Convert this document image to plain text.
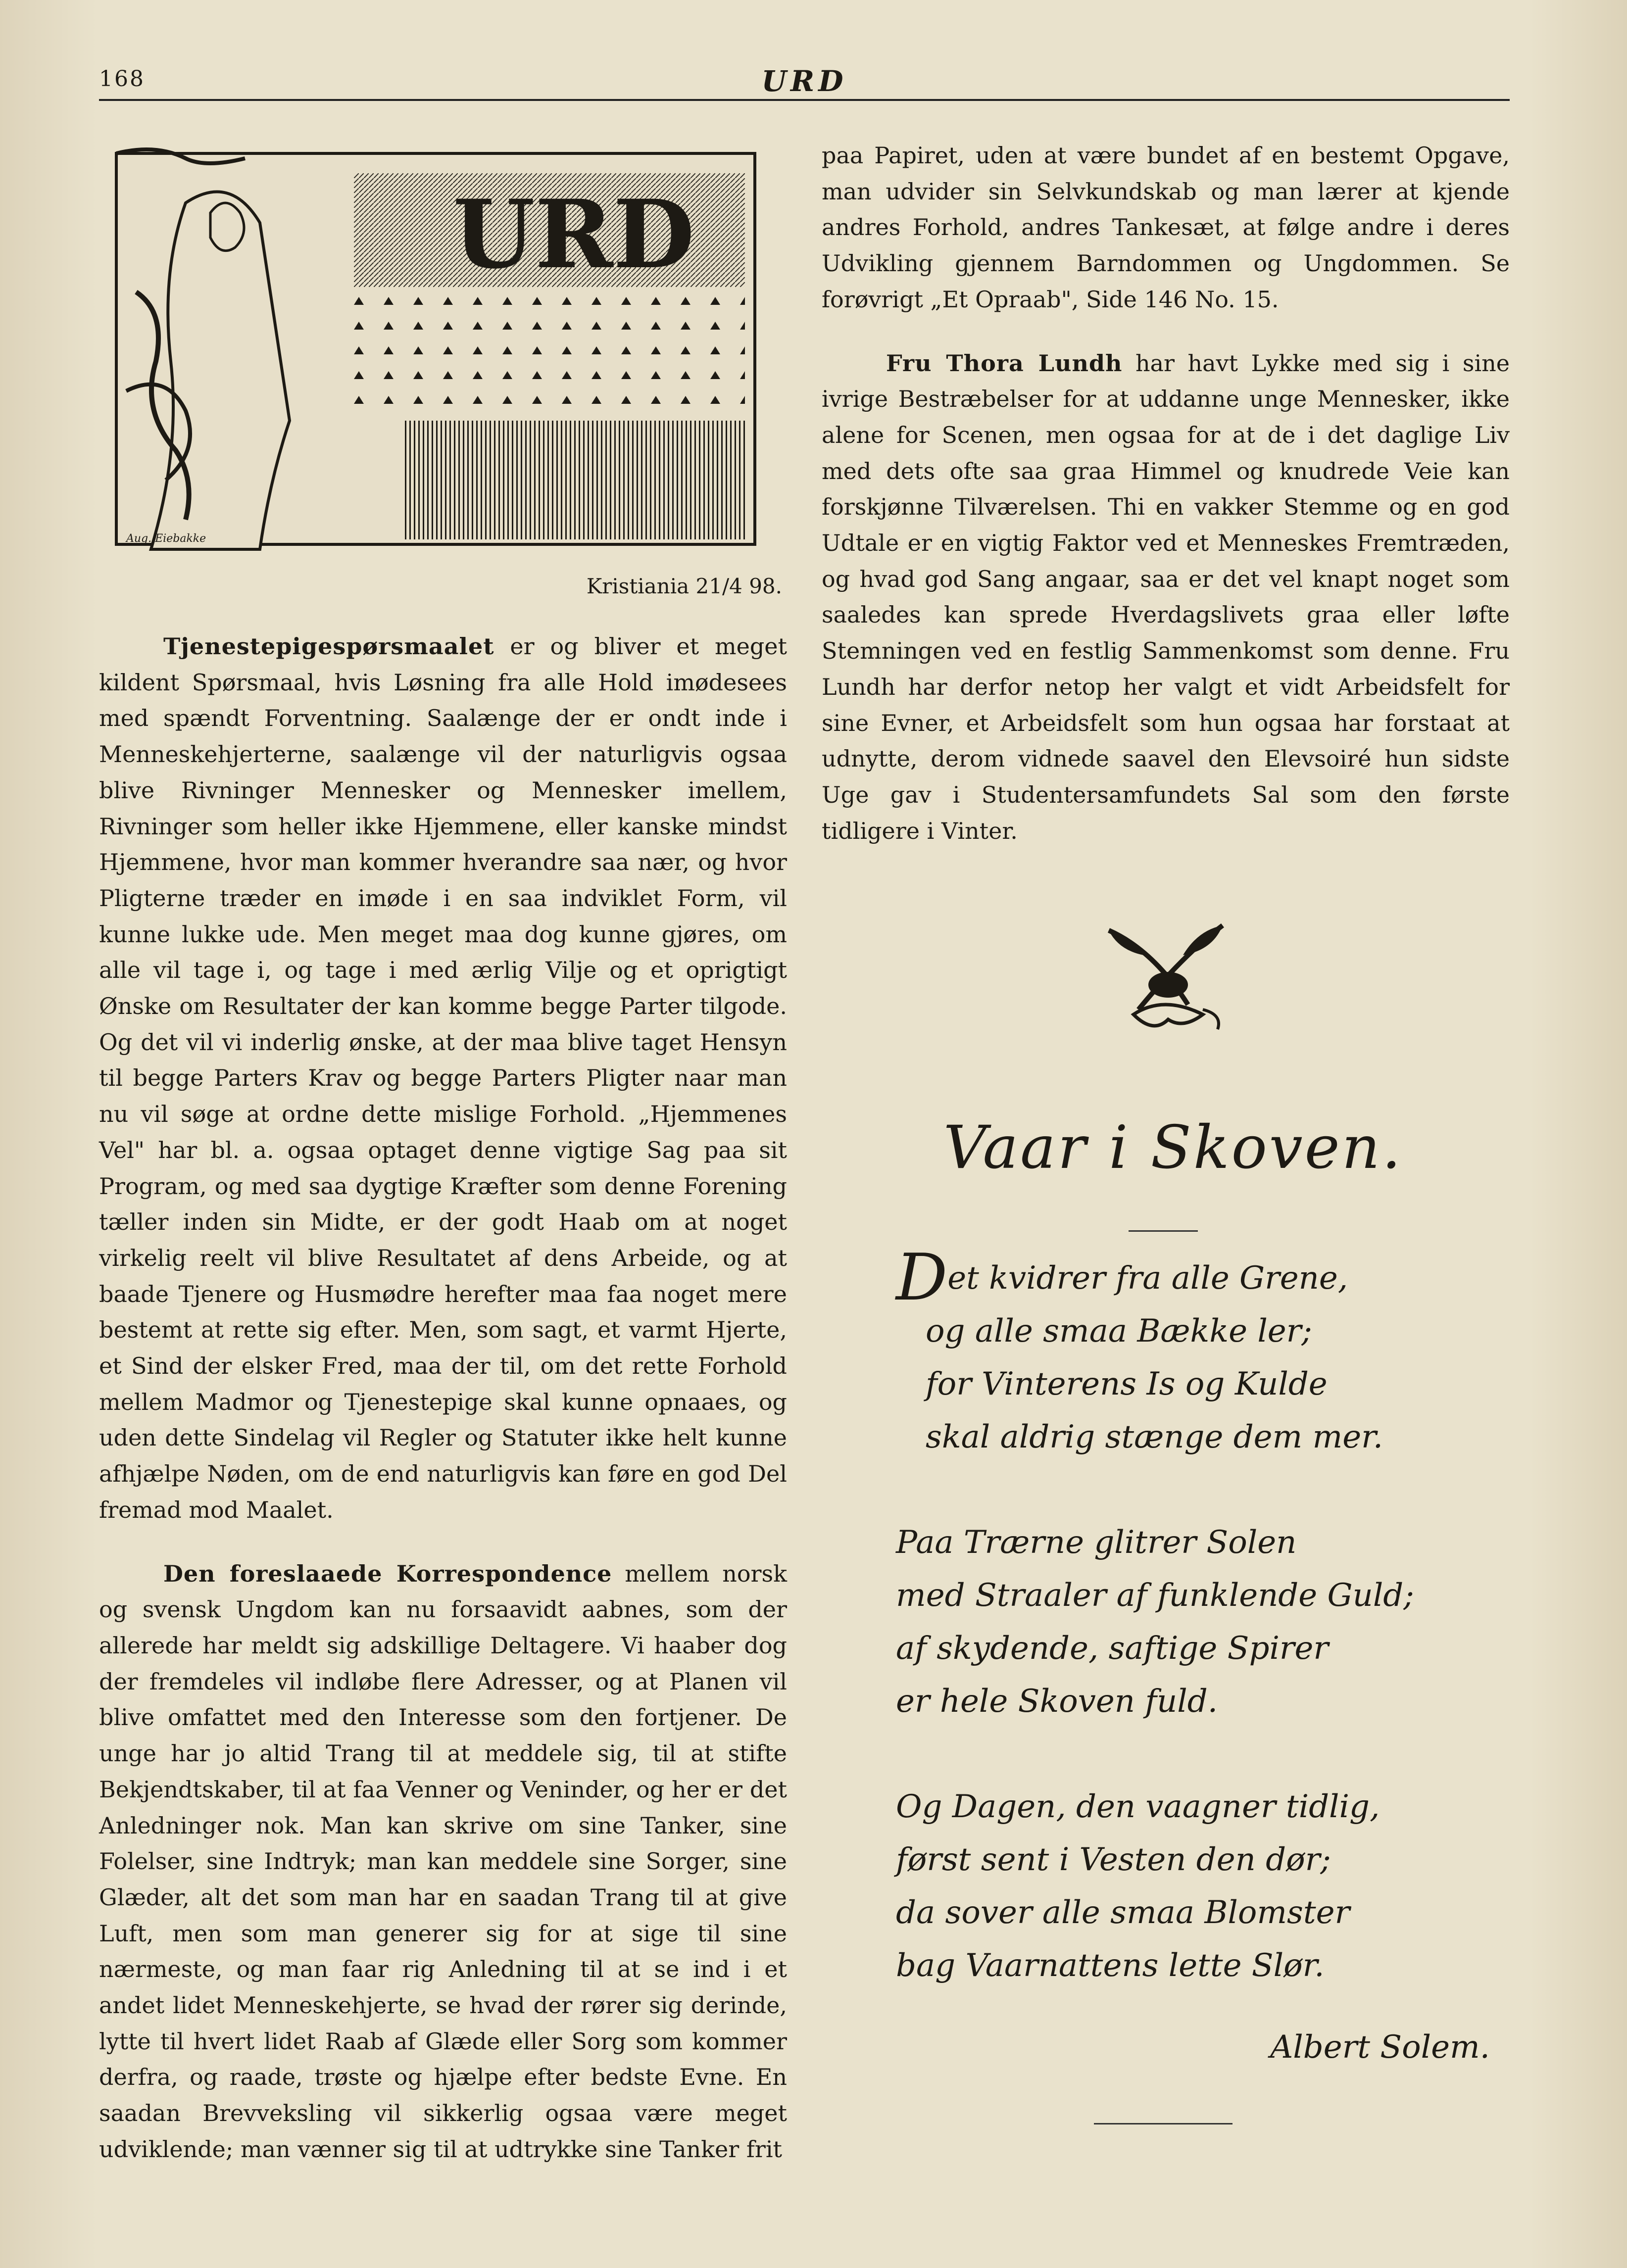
168	URD
URD
Aug. Eiebakke
Kristiania 21/4 98.

Tjenestepigespørsmaalet er og bliver et meget kildent Spørsmaal, hvis Løsning fra alle Hold imødesees med spændt Forventning. Saalænge der er ondt inde i Menneskehjerterne, saalænge vil der naturligvis ogsaa blive Rivninger Mennesker og Mennesker imellem, Rivninger som heller ikke Hjemmene, eller kanske mindst Hjemmene, hvor man kommer hverandre saa nær, og hvor Pligterne træder en imøde i en saa indviklet Form, vil kunne lukke ude. Men meget maa dog kunne gjøres, om alle vil tage i, og tage i med ærlig Vilje og et oprigtigt Ønske om Resultater der kan komme begge Parter tilgode. Og det vil vi inderlig ønske, at der maa blive taget Hensyn til begge Parters Krav og begge Parters Pligter naar man nu vil søge at ordne dette mislige Forhold. „Hjemmenes Vel" har bl. a. ogsaa optaget denne vigtige Sag paa sit Program, og med saa dygtige Kræfter som denne Forening tæller inden sin Midte, er der godt Haab om at noget virkelig reelt vil blive Resultatet af dens Arbeide, og at baade Tjenere og Husmødre herefter maa faa noget mere bestemt at rette sig efter. Men, som sagt, et varmt Hjerte, et Sind der elsker Fred, maa der til, om det rette Forhold mellem Madmor og Tjenestepige skal kunne opnaaes, og uden dette Sindelag vil Regler og Statuter ikke helt kunne afhjælpe Nøden, om de end naturligvis kan føre en god Del fremad mod Maalet.

Den foreslaaede Korrespondence mellem norsk og svensk Ungdom kan nu forsaavidt aabnes, som der allerede har meldt sig adskillige Deltagere. Vi haaber dog der fremdeles vil indløbe flere Adresser, og at Planen vil blive omfattet med den Interesse som den fortjener. De unge har jo altid Trang til at meddele sig, til at stifte Bekjendtskaber, til at faa Venner og Veninder, og her er det Anledninger nok. Man kan skrive om sine Tanker, sine Folelser, sine Indtryk; man kan meddele sine Sorger, sine Glæder, alt det som man har en saadan Trang til at give Luft, men som man generer sig for at sige til sine nærmeste, og man faar rig Anledning til at se ind i et andet lidet Menneskehjerte, se hvad der rører sig derinde, lytte til hvert lidet Raab af Glæde eller Sorg som kommer derfra, og raade, trøste og hjælpe efter bedste Evne. En saadan Brevveksling vil sikkerlig ogsaa være meget udviklende; man vænner sig til at udtrykke sine Tanker frit

paa Papiret, uden at være bundet af en bestemt Opgave, man udvider sin Selvkundskab og man lærer at kjende andres Forhold, andres Tankesæt, at følge andre i deres Udvikling gjennem Barndommen og Ungdommen. Se forøvrigt „Et Opraab", Side 146 No. 15.

Fru Thora Lundh har havt Lykke med sig i sine ivrige Bestræbelser for at uddanne unge Mennesker, ikke alene for Scenen, men ogsaa for at de i det daglige Liv med dets ofte saa graa Himmel og knudrede Veie kan forskjønne Tilværelsen. Thi en vakker Stemme og en god Udtale er en vigtig Faktor ved et Menneskes Fremtræden, og hvad god Sang angaar, saa er det vel knapt noget som saaledes kan sprede Hverdagslivets graa eller løfte Stemningen ved en festlig Sammenkomst som denne. Fru Lundh har derfor netop her valgt et vidt Arbeidsfelt for sine Evner, et Arbeidsfelt som hun ogsaa har forstaat at udnytte, derom vidnede saavel den Elevsoiré hun sidste Uge gav i Studentersamfundets Sal som den første tidligere i Vinter.

Vaar i Skoven.
Det kvidrer fra alle Grene,
og alle smaa Bække ler;
for Vinterens Is og Kulde
skal aldrig stænge dem mer.
Paa Trærne glitrer Solen
med Straaler af funklende Guld;
af skydende, saftige Spirer
er hele Skoven fuld.
Og Dagen, den vaagner tidlig,
først sent i Vesten den dør;
da sover alle smaa Blomster
bag Vaarnattens lette Slør.
Albert Solem.
